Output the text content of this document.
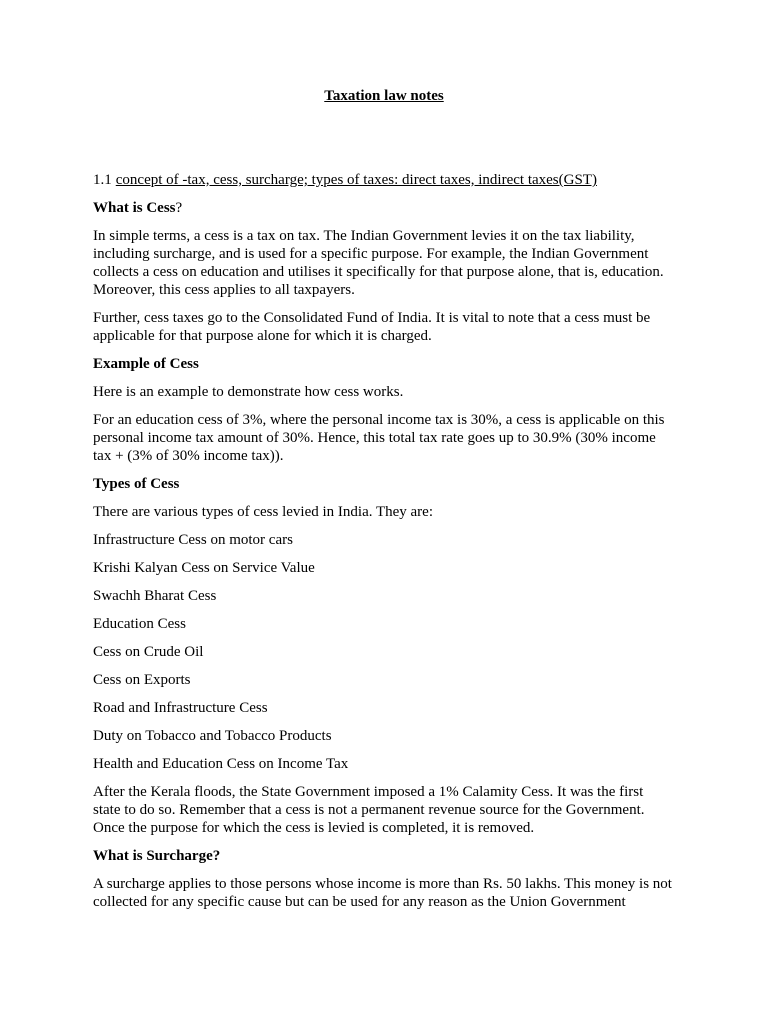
Taxation law notes

1.1 concept of -tax, cess, surcharge; types of taxes: direct taxes, indirect taxes(GST)

What is Cess?

In simple terms, a cess is a tax on tax. The Indian Government levies it on the tax liability, including surcharge, and is used for a specific purpose. For example, the Indian Government collects a cess on education and utilises it specifically for that purpose alone, that is, education. Moreover, this cess applies to all taxpayers.

Further, cess taxes go to the Consolidated Fund of India. It is vital to note that a cess must be applicable for that purpose alone for which it is charged.

Example of Cess

Here is an example to demonstrate how cess works.

For an education cess of 3%, where the personal income tax is 30%, a cess is applicable on this personal income tax amount of 30%. Hence, this total tax rate goes up to 30.9% (30% income tax + (3% of 30% income tax)).

Types of Cess

There are various types of cess levied in India. They are:

Infrastructure Cess on motor cars

Krishi Kalyan Cess on Service Value

Swachh Bharat Cess

Education Cess

Cess on Crude Oil

Cess on Exports

Road and Infrastructure Cess

Duty on Tobacco and Tobacco Products

Health and Education Cess on Income Tax

After the Kerala floods, the State Government imposed a 1% Calamity Cess. It was the first state to do so. Remember that a cess is not a permanent revenue source for the Government. Once the purpose for which the cess is levied is completed, it is removed.

What is Surcharge?

A surcharge applies to those persons whose income is more than Rs. 50 lakhs. This money is not collected for any specific cause but can be used for any reason as the Union Government
